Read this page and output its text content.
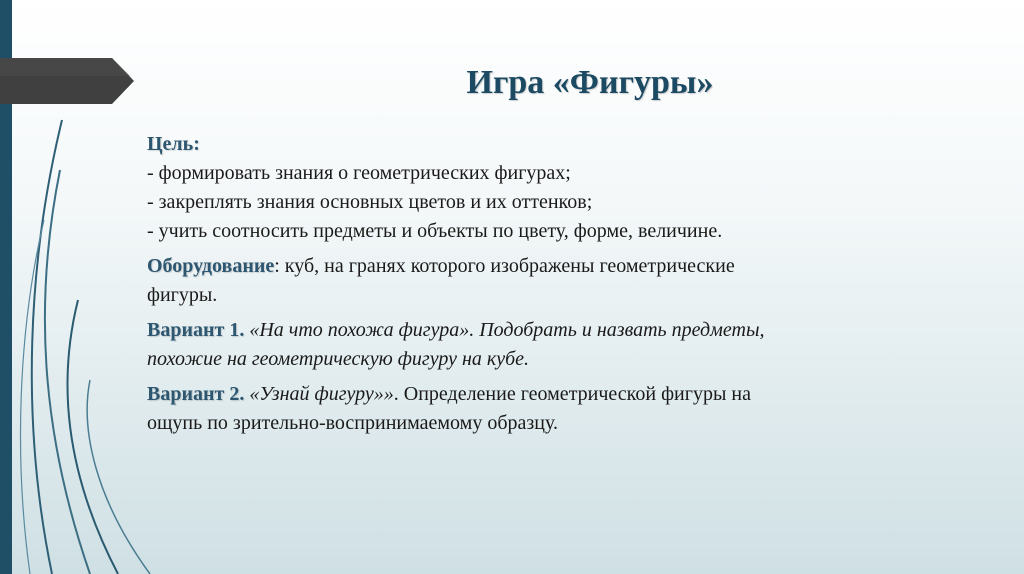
Игра «Фигуры»

Цель:

- формировать знания о геометрических фигурах;

- закреплять знания основных цветов и их оттенков;

- учить соотносить предметы и объекты по цвету, форме, величине.

Оборудование: куб, на гранях которого изображены геометрические

фигуры.

Вариант 1. «На что похожа фигура». Подобрать и назвать предметы,

похожие на геометрическую фигуру на кубе.

Вариант 2. «Узнай фигуру»». Определение геометрической фигуры на

ощупь по зрительно-воспринимаемому образцу.
